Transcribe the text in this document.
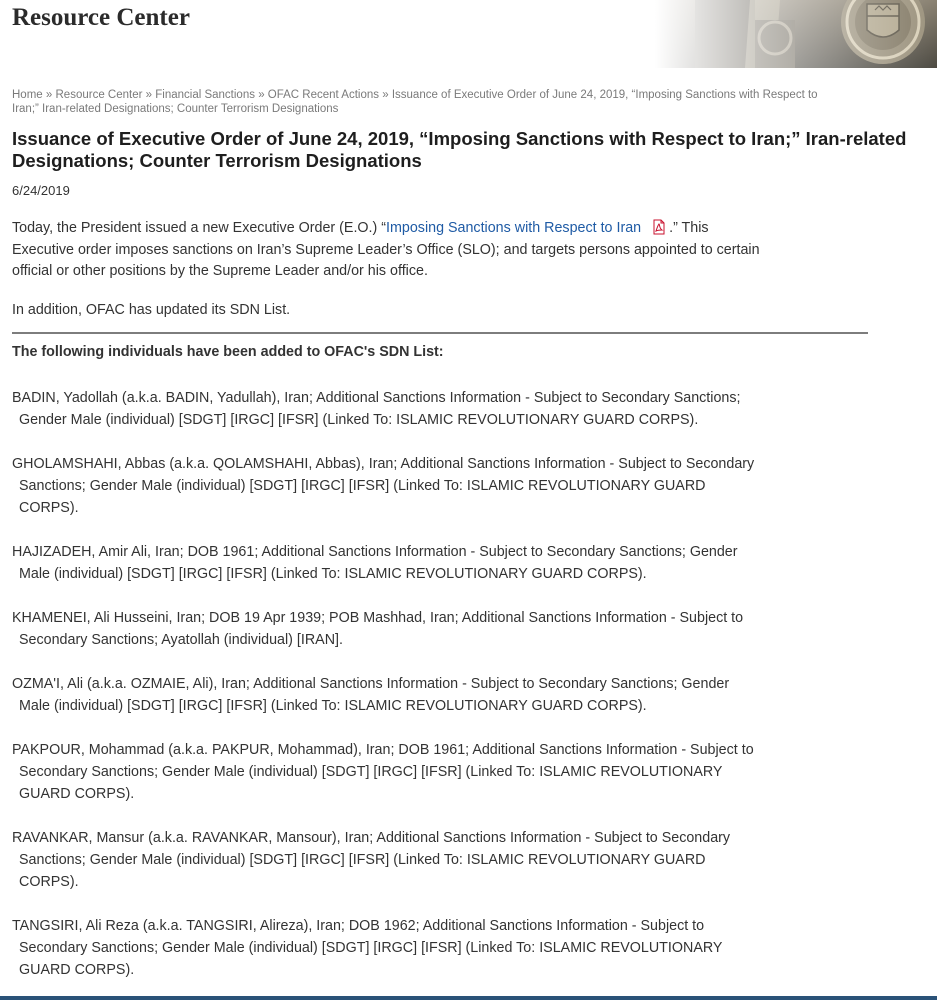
Resource Center
Home » Resource Center » Financial Sanctions » OFAC Recent Actions » Issuance of Executive Order of June 24, 2019, “Imposing Sanctions with Respect to
Iran;” Iran-related Designations; Counter Terrorism Designations
Issuance of Executive Order of June 24, 2019, “Imposing Sanctions with Respect to Iran;” Iran-related
Designations; Counter Terrorism Designations
6/24/2019
Today, the President issued a new Executive Order (E.O.) “Imposing Sanctions with Respect to Iran .” This
Executive order imposes sanctions on Iran’s Supreme Leader’s Office (SLO); and targets persons appointed to certain
official or other positions by the Supreme Leader and/or his office.
In addition, OFAC has updated its SDN List.
The following individuals have been added to OFAC's SDN List:
BADIN, Yadollah (a.k.a. BADIN, Yadullah), Iran; Additional Sanctions Information - Subject to Secondary Sanctions;
Gender Male (individual) [SDGT] [IRGC] [IFSR] (Linked To: ISLAMIC REVOLUTIONARY GUARD CORPS).
GHOLAMSHAHI, Abbas (a.k.a. QOLAMSHAHI, Abbas), Iran; Additional Sanctions Information - Subject to Secondary
Sanctions; Gender Male (individual) [SDGT] [IRGC] [IFSR] (Linked To: ISLAMIC REVOLUTIONARY GUARD
CORPS).
HAJIZADEH, Amir Ali, Iran; DOB 1961; Additional Sanctions Information - Subject to Secondary Sanctions; Gender
Male (individual) [SDGT] [IRGC] [IFSR] (Linked To: ISLAMIC REVOLUTIONARY GUARD CORPS).
KHAMENEI, Ali Husseini, Iran; DOB 19 Apr 1939; POB Mashhad, Iran; Additional Sanctions Information - Subject to
Secondary Sanctions; Ayatollah (individual) [IRAN].
OZMA'I, Ali (a.k.a. OZMAIE, Ali), Iran; Additional Sanctions Information - Subject to Secondary Sanctions; Gender
Male (individual) [SDGT] [IRGC] [IFSR] (Linked To: ISLAMIC REVOLUTIONARY GUARD CORPS).
PAKPOUR, Mohammad (a.k.a. PAKPUR, Mohammad), Iran; DOB 1961; Additional Sanctions Information - Subject to
Secondary Sanctions; Gender Male (individual) [SDGT] [IRGC] [IFSR] (Linked To: ISLAMIC REVOLUTIONARY
GUARD CORPS).
RAVANKAR, Mansur (a.k.a. RAVANKAR, Mansour), Iran; Additional Sanctions Information - Subject to Secondary
Sanctions; Gender Male (individual) [SDGT] [IRGC] [IFSR] (Linked To: ISLAMIC REVOLUTIONARY GUARD
CORPS).
TANGSIRI, Ali Reza (a.k.a. TANGSIRI, Alireza), Iran; DOB 1962; Additional Sanctions Information - Subject to
Secondary Sanctions; Gender Male (individual) [SDGT] [IRGC] [IFSR] (Linked To: ISLAMIC REVOLUTIONARY
GUARD CORPS).
